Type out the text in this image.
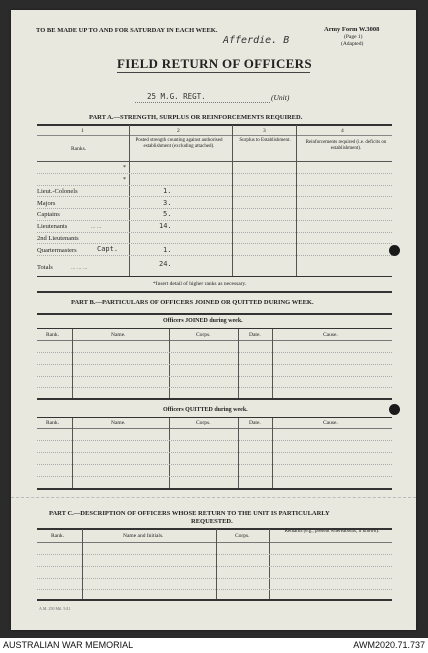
TO BE MADE UP TO AND FOR SATURDAY IN EACH WEEK.
Afferdie. B
Army Form W.3008
(Page 1)
(Adapted)
FIELD RETURN OF OFFICERS
25 M.G. REGT.	(Unit)
PART A.—STRENGTH, SURPLUS OR REINFORCEMENTS REQUIRED.
1	2	3	4
Ranks.
Posted strength counting against authorised establishment (excluding attached).
Surplus to Establishment.	Reinforcements required (i.e. deficits on establishment).
*
*
Lieut.-Colonels	1.
Majors	3.
Captains	5.
Lieutenants	... ...	14.
2nd Lieutenants
Quartermasters	Capt.	1.
Totals	... ... ...	24.
*Insert detail of higher ranks as necessary.
PART B.—PARTICULARS OF OFFICERS JOINED OR QUITTED DURING WEEK.
Officers JOINED during week.
Rank.	Name.	Corps.	Date.	Cause.
Officers QUITTED during week.
Rank.	Name.	Corps.	Date.	Cause.
PART C.—DESCRIPTION OF OFFICERS WHOSE RETURN TO THE UNIT IS PARTICULARLY
REQUESTED.
Rank.	Name and Initials.	Corps.
Remarks (e.g., present whereabouts, if known).
A.M. 250 Mil. 5/41
AUSTRALIAN WAR MEMORIAL	AWM2020.71.737
